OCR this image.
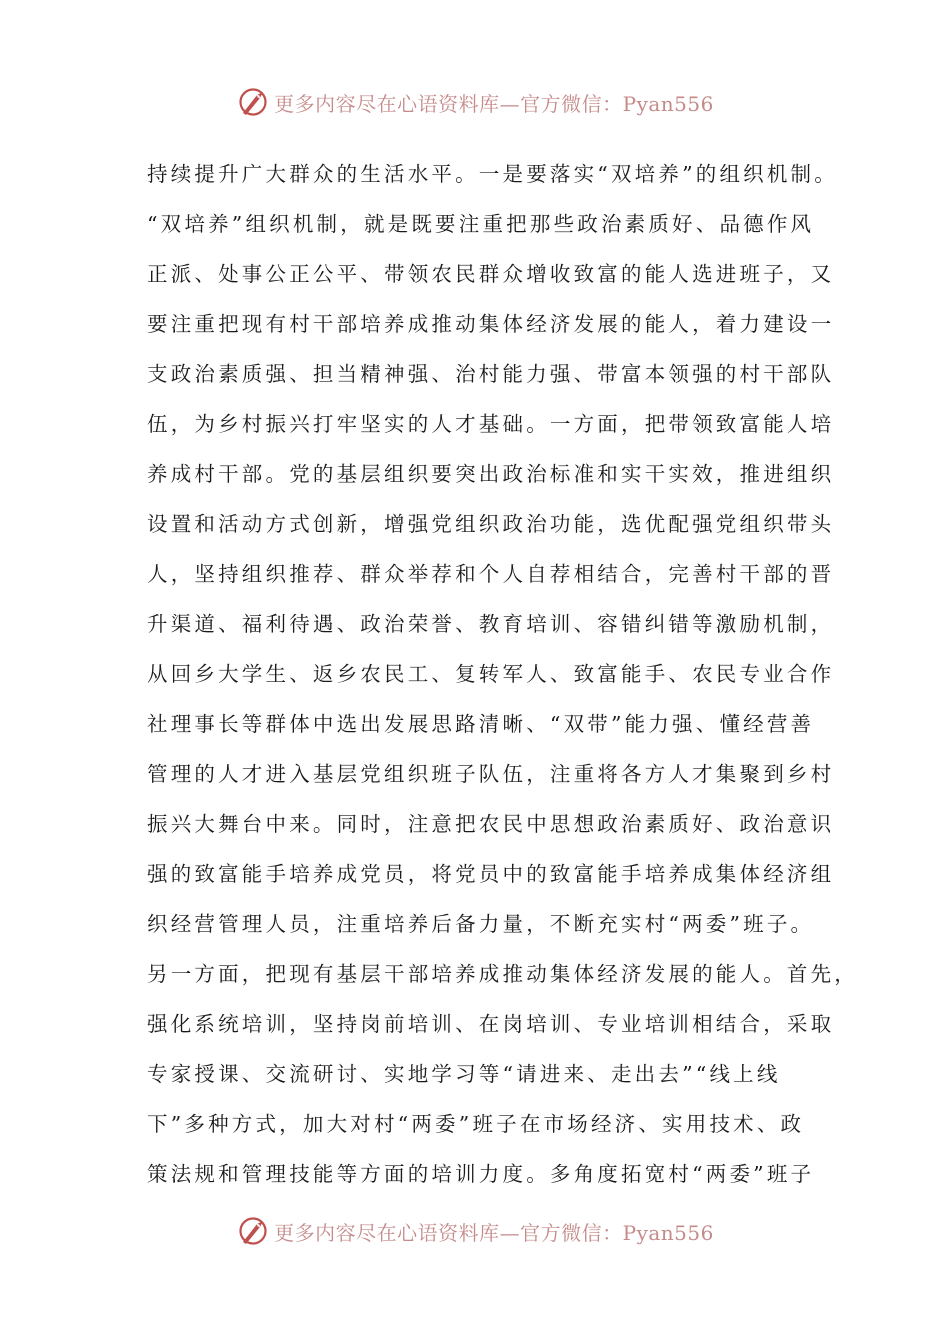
更多内容尽在心语资料库—官方微信：Pyan556
持续提升广大群众的生活水平。一是要落实“双培养”的组织机制。
“双培养”组织机制，就是既要注重把那些政治素质好、品德作风
正派、处事公正公平、带领农民群众增收致富的能人选进班子，又
要注重把现有村干部培养成推动集体经济发展的能人，着力建设一
支政治素质强、担当精神强、治村能力强、带富本领强的村干部队
伍，为乡村振兴打牢坚实的人才基础。一方面，把带领致富能人培
养成村干部。党的基层组织要突出政治标准和实干实效，推进组织
设置和活动方式创新，增强党组织政治功能，选优配强党组织带头
人，坚持组织推荐、群众举荐和个人自荐相结合，完善村干部的晋
升渠道、福利待遇、政治荣誉、教育培训、容错纠错等激励机制，
从回乡大学生、返乡农民工、复转军人、致富能手、农民专业合作
社理事长等群体中选出发展思路清晰、“双带”能力强、懂经营善
管理的人才进入基层党组织班子队伍，注重将各方人才集聚到乡村
振兴大舞台中来。同时，注意把农民中思想政治素质好、政治意识
强的致富能手培养成党员，将党员中的致富能手培养成集体经济组
织经营管理人员，注重培养后备力量，不断充实村“两委”班子。
另一方面，把现有基层干部培养成推动集体经济发展的能人。首先，
强化系统培训，坚持岗前培训、在岗培训、专业培训相结合，采取
专家授课、交流研讨、实地学习等“请进来、走出去”“线上线
下”多种方式，加大对村“两委”班子在市场经济、实用技术、政
策法规和管理技能等方面的培训力度。多角度拓宽村“两委”班子
更多内容尽在心语资料库—官方微信：Pyan556
